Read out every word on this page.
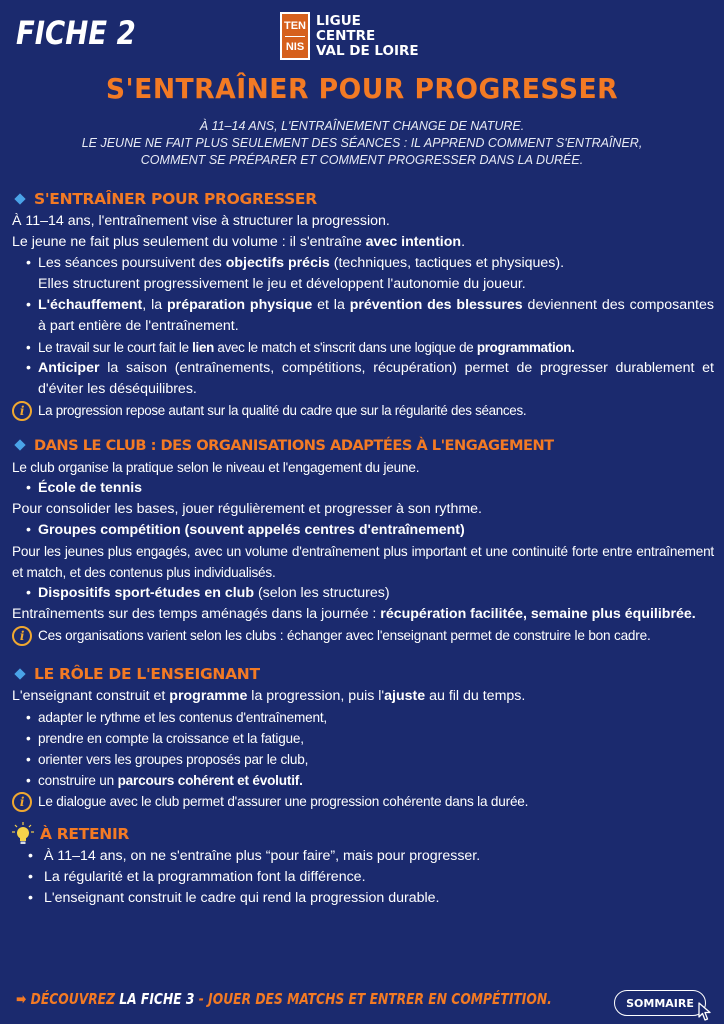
FICHE 2	TEN
NIS
LIGUE
CENTRE
VAL DE LOIRE
S'ENTRAÎNER POUR PROGRESSER
À 11–14 ANS, L'ENTRAÎNEMENT CHANGE DE NATURE.
LE JEUNE NE FAIT PLUS SEULEMENT DES SÉANCES : IL APPREND COMMENT S'ENTRAÎNER,
COMMENT SE PRÉPARER ET COMMENT PROGRESSER DANS LA DURÉE.
S'ENTRAÎNER POUR PROGRESSER
À 11–14 ans, l'entraînement vise à structurer la progression.
Le jeune ne fait plus seulement du volume : il s'entraîne avec intention.
• Les séances poursuivent des objectifs précis (techniques, tactiques et physiques).
Elles structurent progressivement le jeu et développent l'autonomie du joueur.
• L'échauffement, la préparation physique et la prévention des blessures deviennent des composantes à part entière de l'entraînement.
• Le travail sur le court fait le lien avec le match et s'inscrit dans une logique de programmation.
• Anticiper la saison (entraînements, compétitions, récupération) permet de progresser durablement et d'éviter les déséquilibres.
i	La progression repose autant sur la qualité du cadre que sur la régularité des séances.
DANS LE CLUB : DES ORGANISATIONS ADAPTÉES À L'ENGAGEMENT
Le club organise la pratique selon le niveau et l'engagement du jeune.
• École de tennis
Pour consolider les bases, jouer régulièrement et progresser à son rythme.
• Groupes compétition (souvent appelés centres d'entraînement)
Pour les jeunes plus engagés, avec un volume d'entraînement plus important et une continuité forte entre entraînement et match, et des contenus plus individualisés.
• Dispositifs sport-études en club (selon les structures)
Entraînements sur des temps aménagés dans la journée : récupération facilitée, semaine plus équilibrée.
i	Ces organisations varient selon les clubs : échanger avec l'enseignant permet de construire le bon cadre.
LE RÔLE DE L'ENSEIGNANT
L'enseignant construit et programme la progression, puis l'ajuste au fil du temps.
• adapter le rythme et les contenus d'entraînement,
• prendre en compte la croissance et la fatigue,
• orienter vers les groupes proposés par le club,
• construire un parcours cohérent et évolutif.
i	Le dialogue avec le club permet d'assurer une progression cohérente dans la durée.
À RETENIR
• À 11–14 ans, on ne s'entraîne plus “pour faire”, mais pour progresser.
• La régularité et la programmation font la différence.
• L'enseignant construit le cadre qui rend la progression durable.
➡ DÉCOUVREZ LA FICHE 3 - JOUER DES MATCHS ET ENTRER EN COMPÉTITION.	SOMMAIRE
